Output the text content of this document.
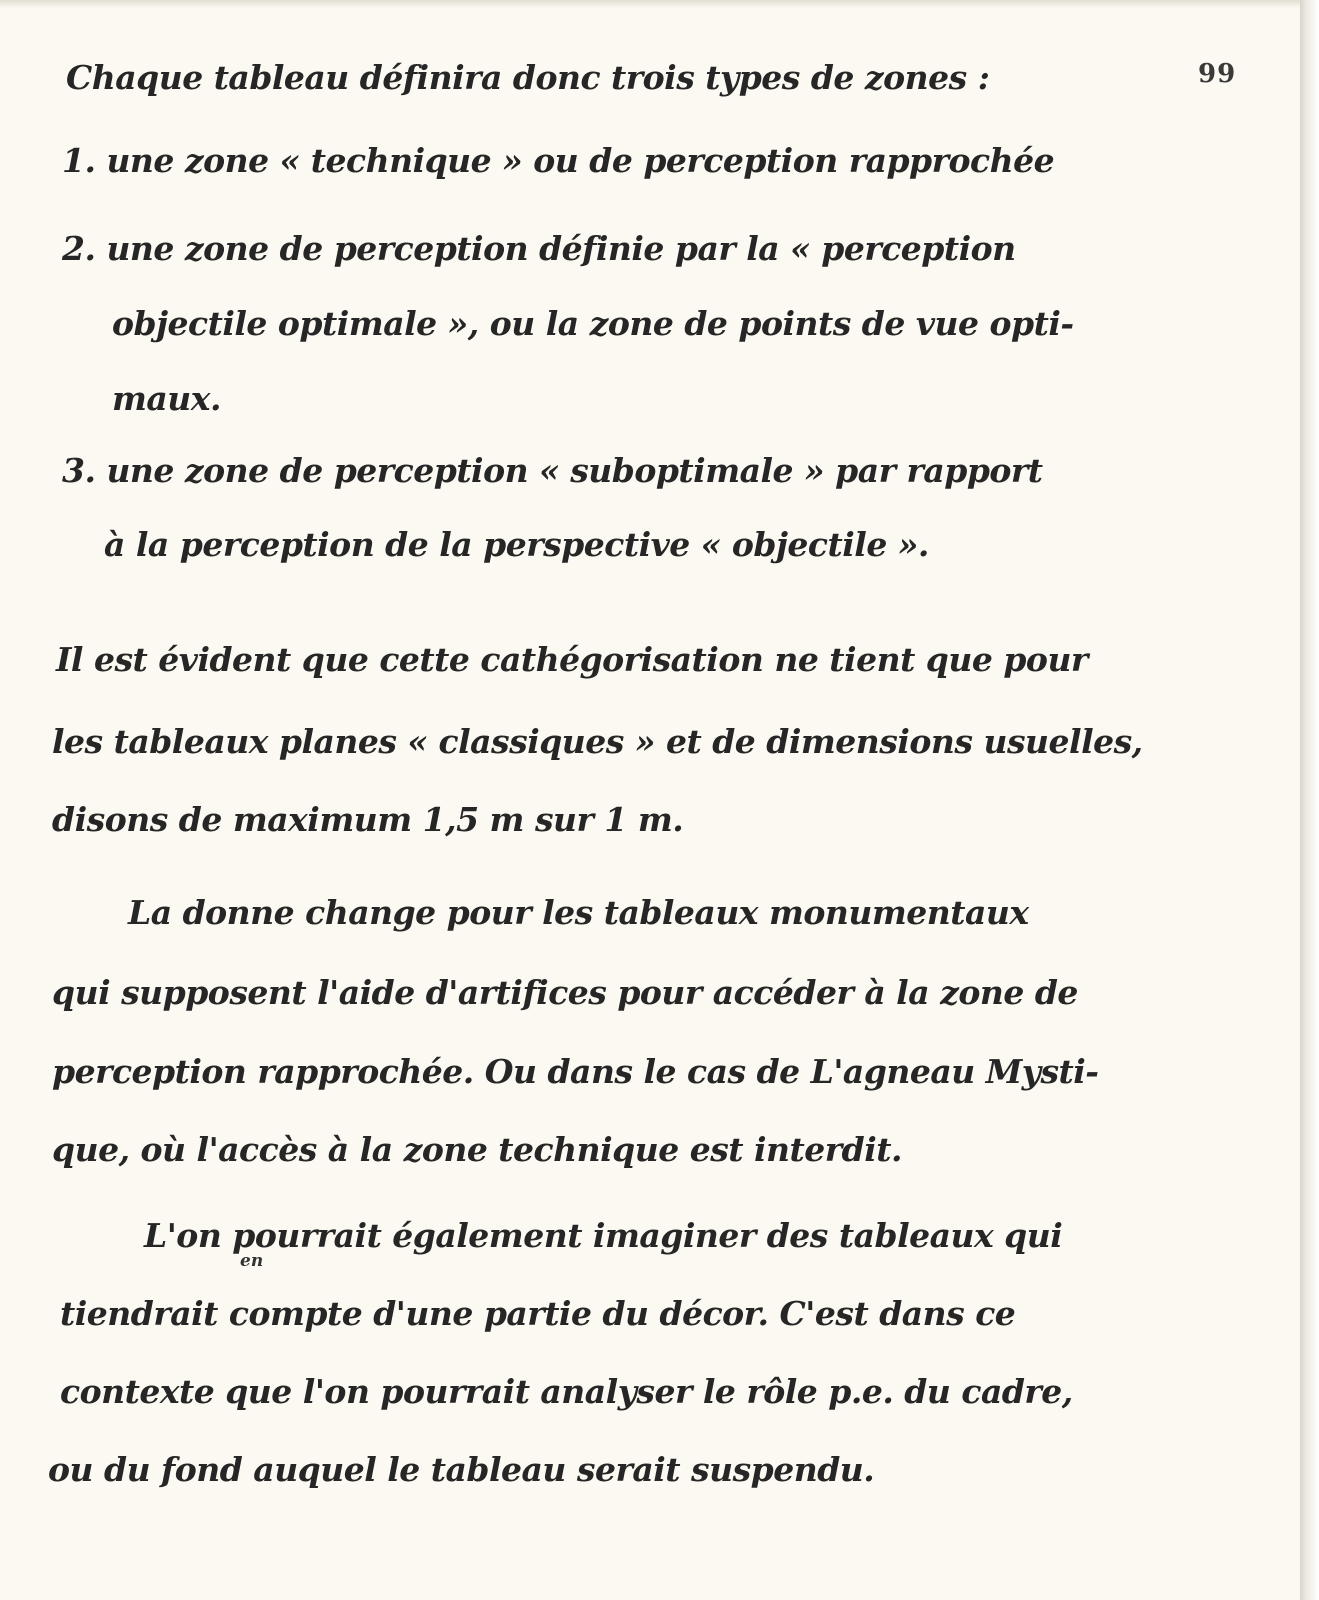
99
Chaque tableau définira donc trois types de zones :
1. une zone « technique » ou de perception rapprochée
2. une zone de perception définie par la « perception
objectile optimale », ou la zone de points de vue opti-
maux.
3. une zone de perception « suboptimale » par rapport
à la perception de la perspective « objectile ».
Il est évident que cette cathégorisation ne tient que pour
les tableaux planes « classiques » et de dimensions usuelles,
disons de maximum 1,5 m sur 1 m.
La donne change pour les tableaux monumentaux
qui supposent l'aide d'artifices pour accéder à la zone de
perception rapprochée. Ou dans le cas de L'agneau Mysti-
que, où l'accès à la zone technique est interdit.
L'on pourrait également imaginer des tableaux qui
en
tiendrait compte d'une partie du décor. C'est dans ce
contexte que l'on pourrait analyser le rôle p.e. du cadre,
ou du fond auquel le tableau serait suspendu.
